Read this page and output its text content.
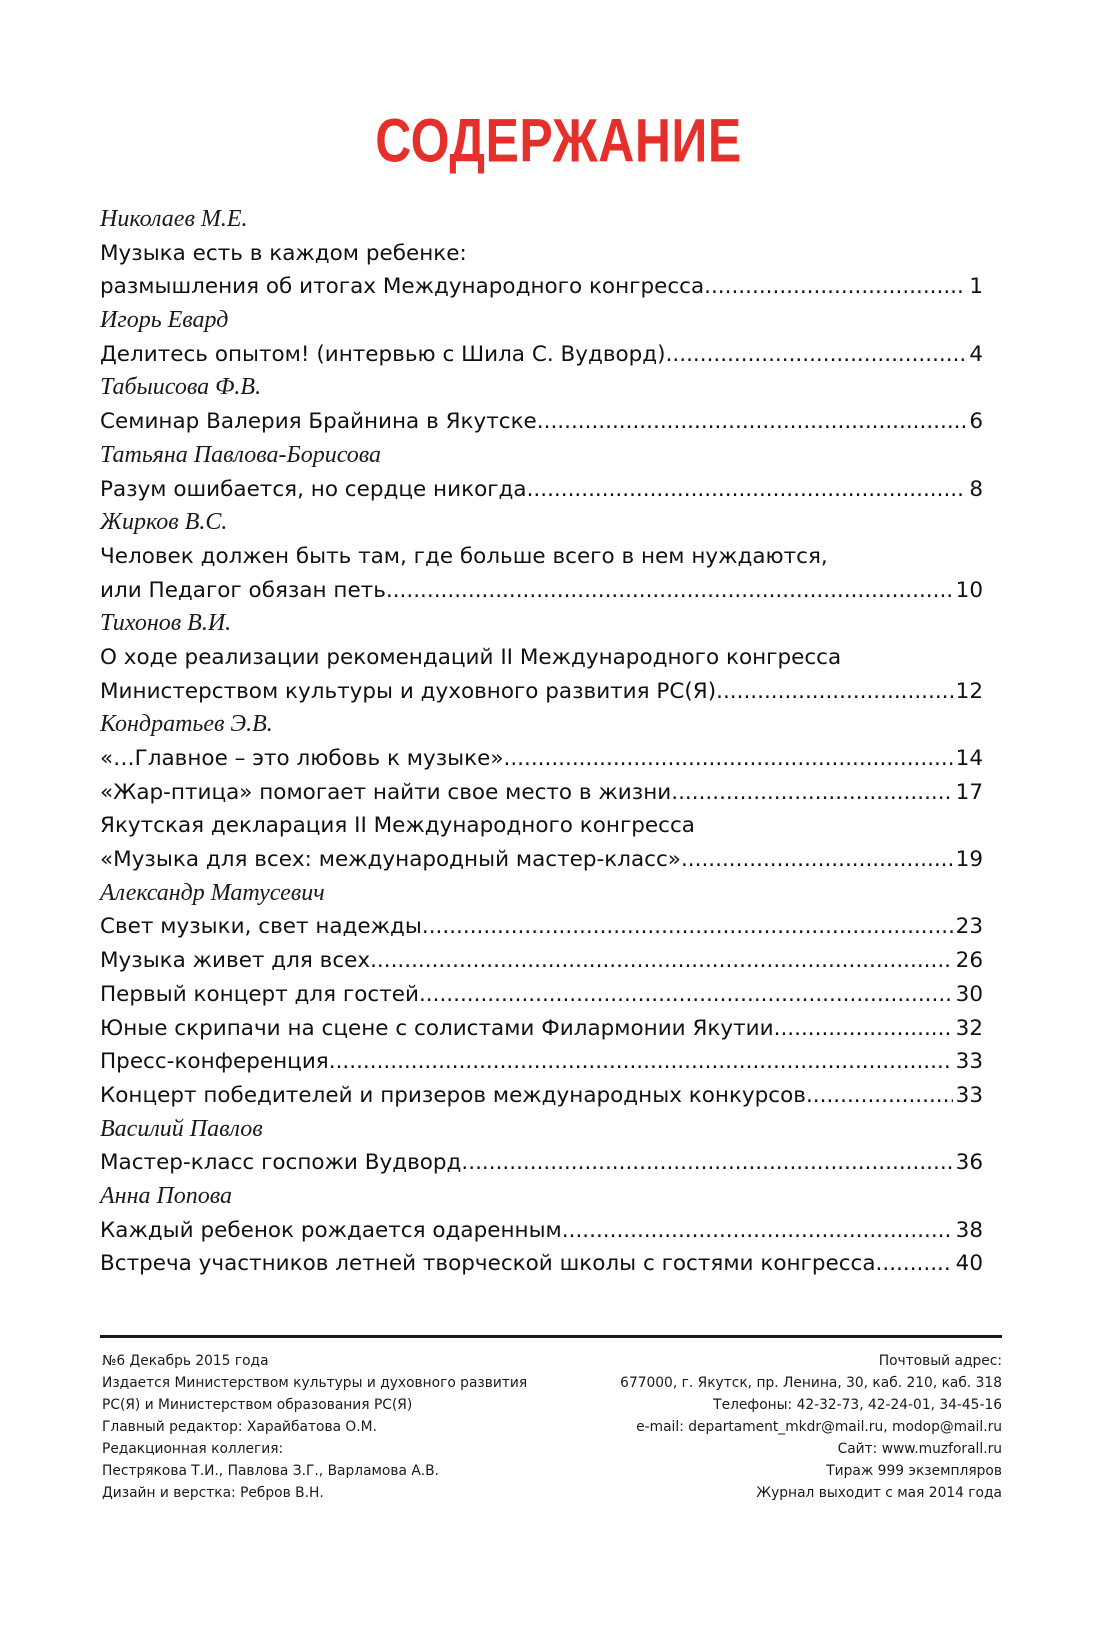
СОДЕРЖАНИЕ
Николаев М.Е.
Музыка есть в каждом ребенке:
размышления об итогах Международного конгресса .....	1
Игорь Евард
Делитесь опытом! (интервью с Шила С. Вудворд) .....	4
Табыисова Ф.В.
Семинар Валерия Брайнина в Якутске .....	6
Татьяна Павлова-Борисова
Разум ошибается, но сердце никогда .....	8
Жирков В.С.
Человек должен быть там, где больше всего в нем нуждаются,
или Педагог обязан петь .....	10
Тихонов В.И.
О ходе реализации рекомендаций II Международного конгресса
Министерством культуры и духовного развития РС(Я) .....	12
Кондратьев Э.В.
«…Главное – это любовь к музыке» .....	14
«Жар-птица» помогает найти свое место в жизни .....	17
Якутская декларация II Международного конгресса
«Музыка для всех: международный мастер-класс» .....	19
Александр Матусевич
Свет музыки, свет надежды .....	23
Музыка живет для всех .....	26
Первый концерт для гостей .....	30
Юные скрипачи на сцене с солистами Филармонии Якутии .....	32
Пресс-конференция .....	33
Концерт победителей и призеров международных конкурсов .....	33
Василий Павлов
Мастер-класс госпожи Вудворд .....	36
Анна Попова
Каждый ребенок рождается одаренным .....	38
Встреча участников летней творческой школы с гостями конгресса .....	40
№6 Декабрь 2015 года
Издается Министерством культуры и духовного развития
РС(Я) и Министерством образования РС(Я)
Главный редактор: Харайбатова О.М.
Редакционная коллегия:
Пестрякова Т.И., Павлова З.Г., Варламова А.В.
Дизайн и верстка: Ребров В.Н.
Почтовый адрес:
677000, г. Якутск, пр. Ленина, 30, каб. 210, каб. 318
Телефоны: 42-32-73, 42-24-01, 34-45-16
e-mail: departament_mkdr@mail.ru, modop@mail.ru
Сайт: www.muzforall.ru
Тираж 999 экземпляров
Журнал выходит с мая 2014 года
